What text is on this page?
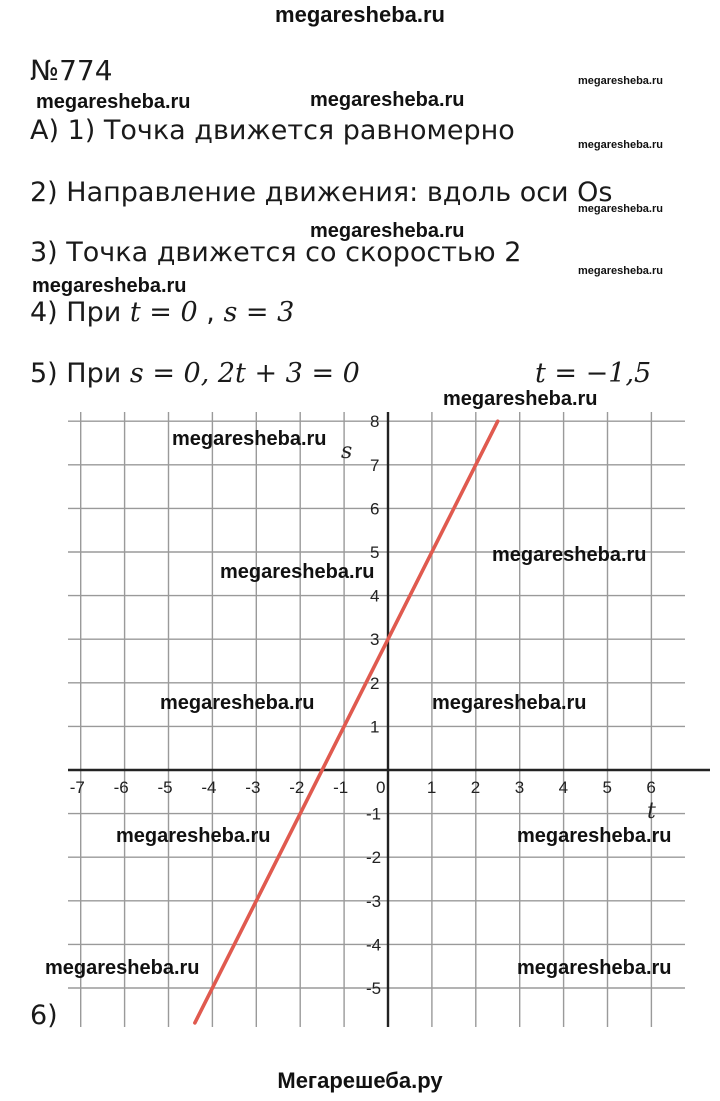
megaresheba.ru
№774	megaresheba.ru
megaresheba.ru	megaresheba.ru
А) 1) Точка движется равномерно	megaresheba.ru
2) Направление движения: вдоль оси Os
megaresheba.ru
megaresheba.ru
3) Точка движется со скоростью 2
megaresheba.ru
megaresheba.ru
4) При t = 0 , s = 3
5) При s = 0, 2t + 3 = 0	t = −1,5
-7 -6 -5 -4 -3 -2 -1 0 1 2 3 4 5 6
8
7
6
5
4
3
2
1
-1
-2
-3
-4
-5
t
s
megaresheba.ru
megaresheba.ru
megaresheba.ru
megaresheba.ru
megaresheba.ru	megaresheba.ru
megaresheba.ru	megaresheba.ru
megaresheba.ru	megaresheba.ru
6)
Мегарешеба.ру
